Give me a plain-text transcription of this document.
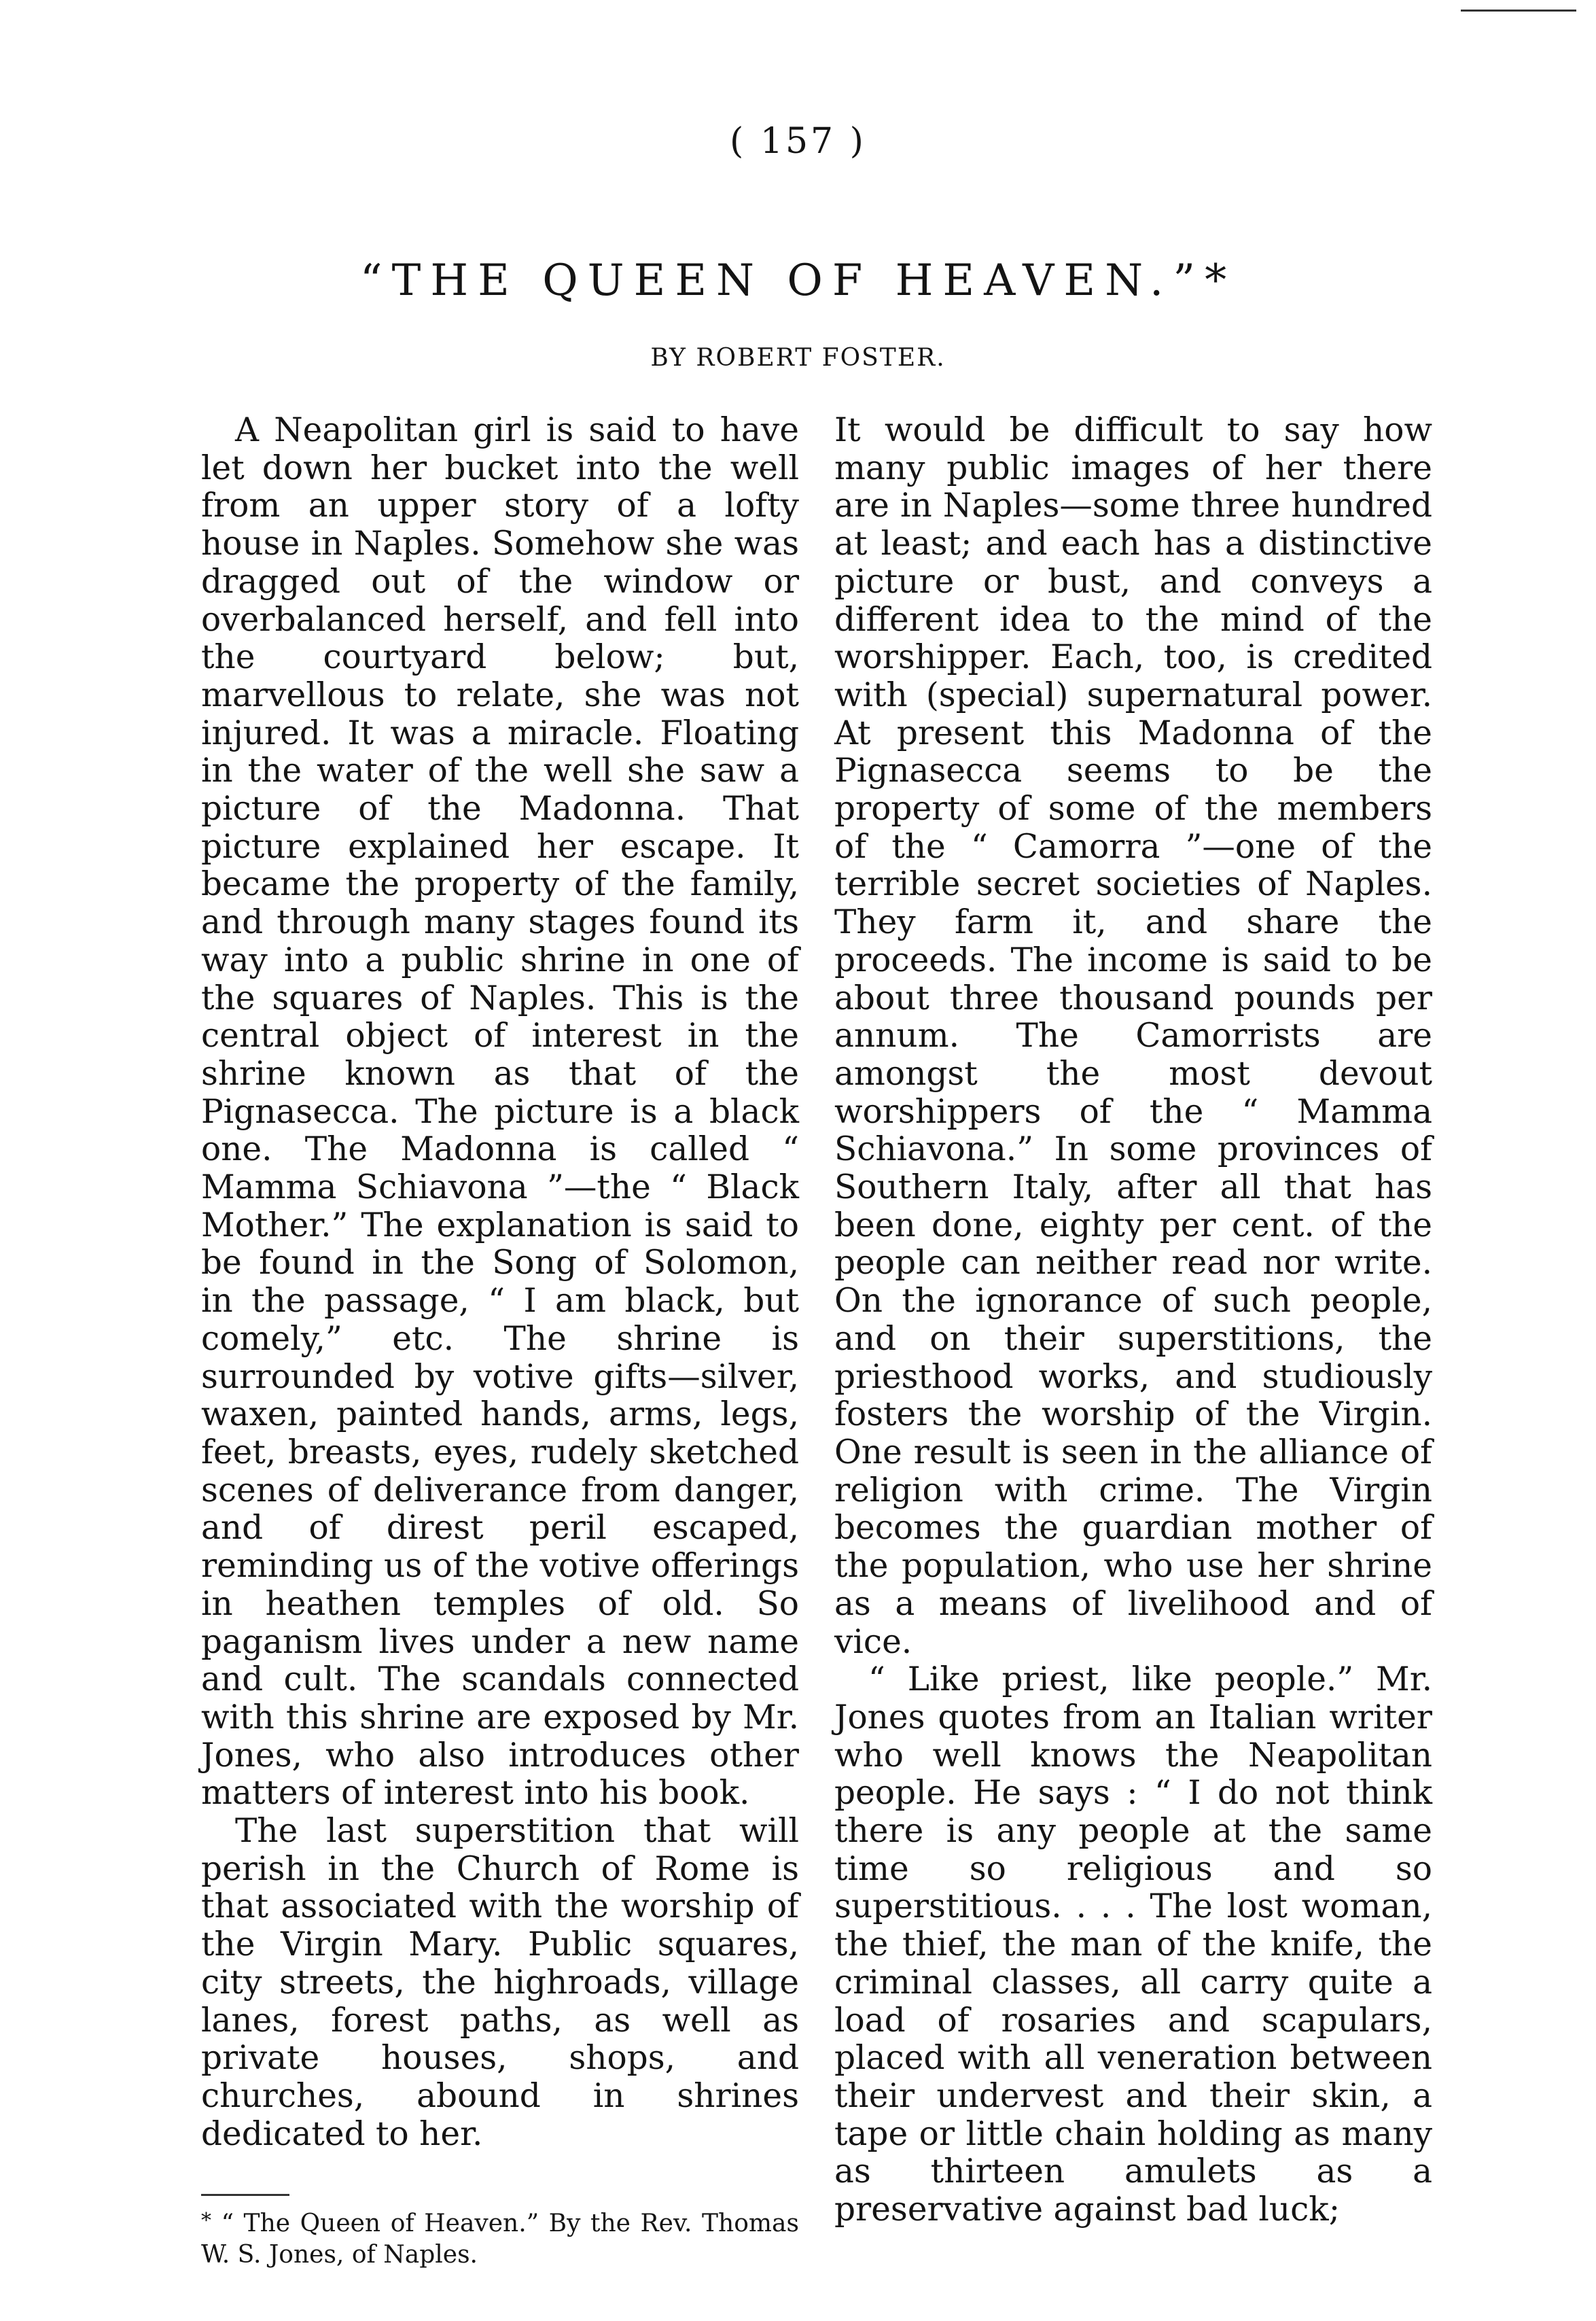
( 157 )
“THE QUEEN OF HEAVEN.”*
BY ROBERT FOSTER.

A Neapolitan girl is said to have let down her bucket into the well from an upper story of a lofty house in Naples. Somehow she was dragged out of the window or overbalanced herself, and fell into the courtyard below; but, marvellous to relate, she was not injured. It was a miracle. Floating in the water of the well she saw a picture of the Madonna. That picture explained her escape. It became the property of the family, and through many stages found its way into a public shrine in one of the squares of Naples. This is the central object of interest in the shrine known as that of the Pignasecca. The picture is a black one. The Madonna is called “ Mamma Schiavona ”—the “ Black Mother.” The explanation is said to be found in the Song of Solomon, in the passage, “ I am black, but comely,” etc. The shrine is surrounded by votive gifts—silver, waxen, painted hands, arms, legs, feet, breasts, eyes, rudely sketched scenes of deliverance from danger, and of direst peril escaped, reminding us of the votive offerings in heathen temples of old. So paganism lives under a new name and cult. The scandals connected with this shrine are exposed by Mr. Jones, who also introduces other matters of interest into his book.

The last superstition that will perish in the Church of Rome is that associated with the worship of the Virgin Mary. Public squares, city streets, the highroads, village lanes, forest paths, as well as private houses, shops, and churches, abound in shrines dedicated to her.

It would be difficult to say how many public images of her there are in Naples—some three hundred at least; and each has a distinctive picture or bust, and conveys a different idea to the mind of the worshipper. Each, too, is credited with (special) supernatural power. At present this Madonna of the Pignasecca seems to be the property of some of the members of the “ Camorra ”—one of the terrible secret societies of Naples. They farm it, and share the proceeds. The income is said to be about three thousand pounds per annum. The Camorrists are amongst the most devout worshippers of the “ Mamma Schiavona.” In some provinces of Southern Italy, after all that has been done, eighty per cent. of the people can neither read nor write. On the ignorance of such people, and on their superstitions, the priesthood works, and studiously fosters the worship of the Virgin. One result is seen in the alliance of religion with crime. The Virgin becomes the guardian mother of the population, who use her shrine as a means of livelihood and of vice.

“ Like priest, like people.” Mr. Jones quotes from an Italian writer who well knows the Neapolitan people. He says : “ I do not think there is any people at the same time so religious and so superstitious. . . . The lost woman, the thief, the man of the knife, the criminal classes, all carry quite a load of rosaries and scapulars, placed with all veneration between their undervest and their skin, a tape or little chain holding as many as thirteen amulets as a preservative against bad luck;

* “ The Queen of Heaven.” By the Rev. Thomas W. S. Jones, of Naples.
